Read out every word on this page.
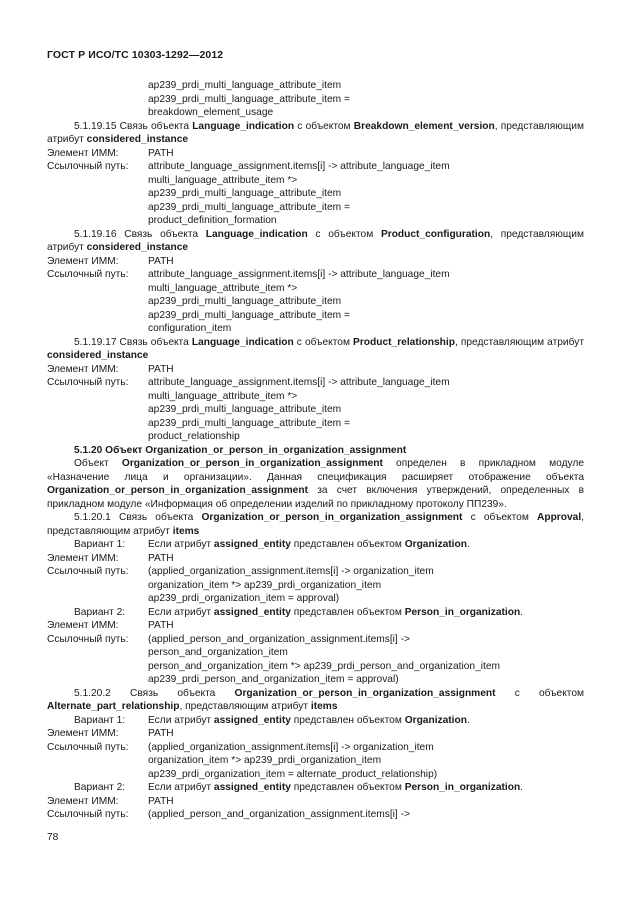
ГОСТ Р ИСО/ТС 10303-1292—2012
ap239_prdi_multi_language_attribute_item
ap239_prdi_multi_language_attribute_item =
breakdown_element_usage
5.1.19.15 Связь объекта Language_indication с объектом Breakdown_element_version, представляющим атрибут considered_instance
Элемент ИММ:	PATH
Ссылочный путь:	attribute_language_assignment.items[i] -> attribute_language_item
multi_language_attribute_item *>
ap239_prdi_multi_language_attribute_item
ap239_prdi_multi_language_attribute_item =
product_definition_formation
5.1.19.16 Связь объекта Language_indication с объектом Product_configuration, представляющим атрибут considered_instance
Элемент ИММ:	PATH
Ссылочный путь:	attribute_language_assignment.items[i] -> attribute_language_item
multi_language_attribute_item *>
ap239_prdi_multi_language_attribute_item
ap239_prdi_multi_language_attribute_item =
configuration_item
5.1.19.17 Связь объекта Language_indication с объектом Product_relationship, представляющим атрибут considered_instance
Элемент ИММ:	PATH
Ссылочный путь:	attribute_language_assignment.items[i] -> attribute_language_item
multi_language_attribute_item *>
ap239_prdi_multi_language_attribute_item
ap239_prdi_multi_language_attribute_item =
product_relationship
5.1.20 Объект Organization_or_person_in_organization_assignment
Объект Organization_or_person_in_organization_assignment определен в прикладном модуле «Назначение лица и организации». Данная спецификация расширяет отображение объекта Organization_or_person_in_organization_assignment за счет включения утверждений, определенных в прикладном модуле «Информация об определении изделий по прикладному протоколу ПП239».
5.1.20.1 Связь объекта Organization_or_person_in_organization_assignment с объектом Approval, представляющим атрибут items
Вариант 1:	Если атрибут assigned_entity представлен объектом Organization.
Элемент ИММ:	PATH
Ссылочный путь:	(applied_organization_assignment.items[i] -> organization_item
organization_item *> ap239_prdi_organization_item
ap239_prdi_organization_item = approval)
Вариант 2:	Если атрибут assigned_entity представлен объектом Person_in_organization.
Элемент ИММ:	PATH
Ссылочный путь:	(applied_person_and_organization_assignment.items[i] ->
person_and_organization_item
person_and_organization_item *> ap239_prdi_person_and_organization_item
ap239_prdi_person_and_organization_item = approval)
5.1.20.2 Связь объекта Organization_or_person_in_organization_assignment с объектом Alternate_part_relationship, представляющим атрибут items
Вариант 1:	Если атрибут assigned_entity представлен объектом Organization.
Элемент ИММ:	PATH
Ссылочный путь:	(applied_organization_assignment.items[i] -> organization_item
organization_item *> ap239_prdi_organization_item
ap239_prdi_organization_item = alternate_product_relationship)
Вариант 2:	Если атрибут assigned_entity представлен объектом Person_in_organization.
Элемент ИММ:	PATH
Ссылочный путь:	(applied_person_and_organization_assignment.items[i] ->
78
